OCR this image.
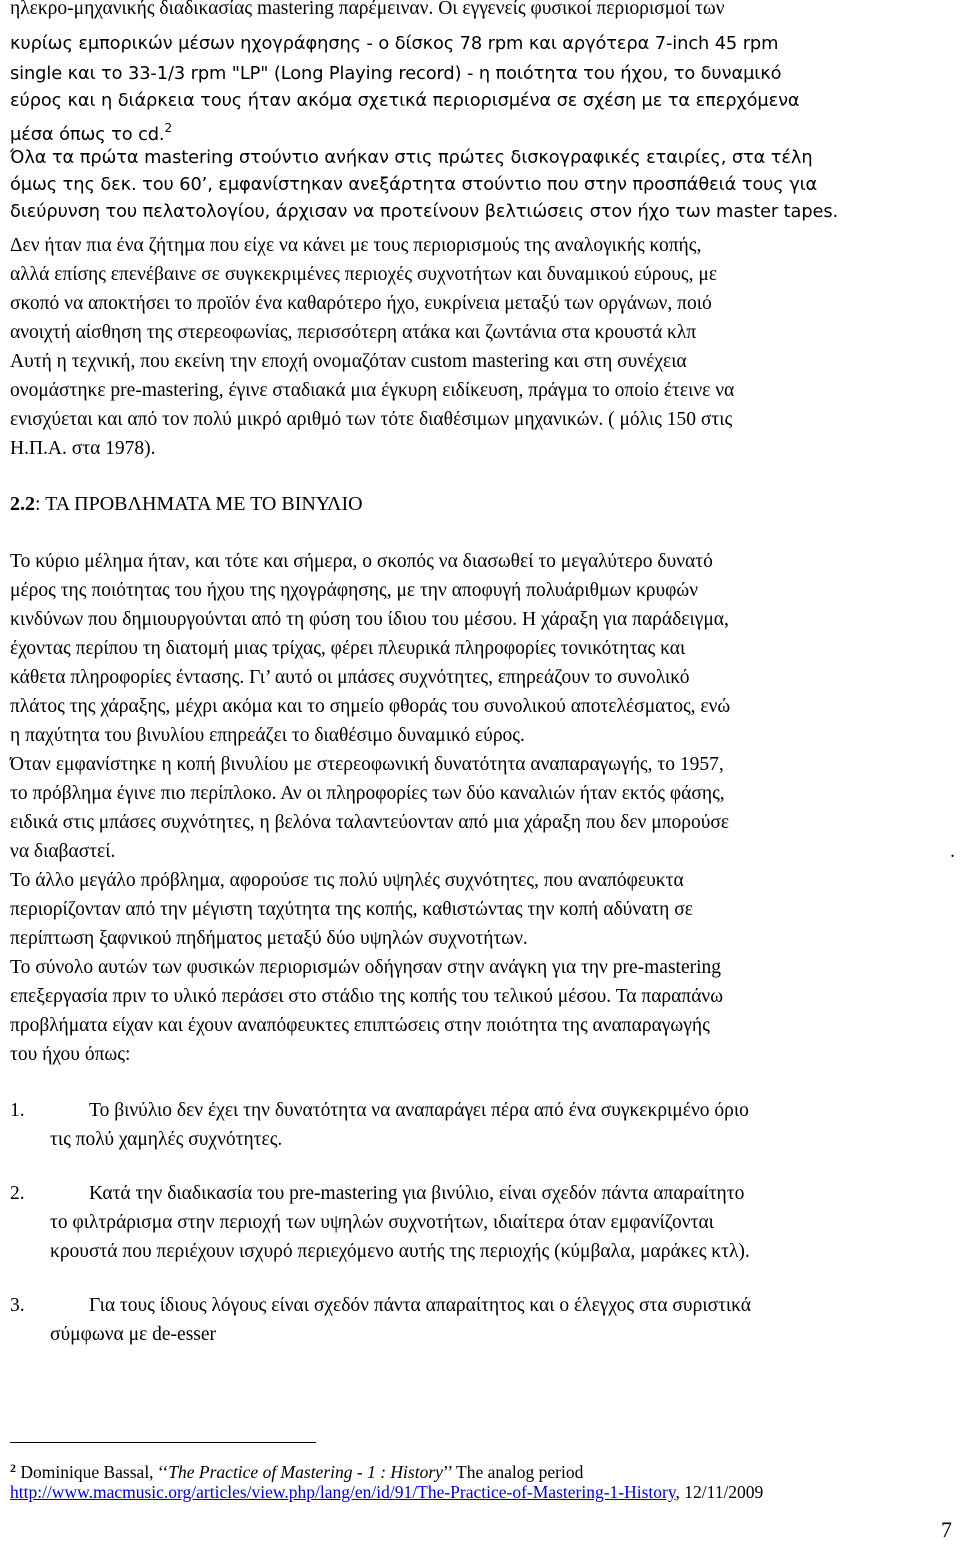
ηλεκρο-μηχανικής διαδικασίας mastering παρέμειναν. Οι εγγενείς φυσικοί περιορισμοί των
κυρίως εμπορικών μέσων ηχογράφησης - ο δίσκος 78 rpm και αργότερα 7-inch 45 rpm
single και το 33-1/3 rpm "LP" (Long Playing record) - η ποιότητα του ήχου, το δυναμικό
εύρος και η διάρκεια τους ήταν ακόμα σχετικά περιορισμένα σε σχέση με τα επερχόμενα
μέσα όπως το cd.$^2$
Όλα τα πρώτα mastering στούντιο ανήκαν στις πρώτες δισκογραφικές εταιρίες, στα τέλη
όμως της δεκ. του 60’, εμφανίστηκαν ανεξάρτητα στούντιο που στην προσπάθειά τους για
διεύρυνση του πελατολογίου, άρχισαν να προτείνουν βελτιώσεις στον ήχο των master tapes.
Δεν ήταν πια ένα ζήτημα που είχε να κάνει με τους περιορισμούς της αναλογικής κοπής,
αλλά επίσης επενέβαινε σε συγκεκριμένες περιοχές συχνοτήτων και δυναμικού εύρους, με
σκοπό να αποκτήσει το προϊόν ένα καθαρότερο ήχο, ευκρίνεια μεταξύ των οργάνων, ποιό
ανοιχτή αίσθηση της στερεοφωνίας, περισσότερη ατάκα και ζωντάνια στα κρουστά κλπ
Αυτή η τεχνική, που εκείνη την εποχή ονομαζόταν custom mastering και στη συνέχεια
ονομάστηκε pre-mastering, έγινε σταδιακά μια έγκυρη ειδίκευση, πράγμα το οποίο έτεινε να
ενισχύεται και από τον πολύ μικρό αριθμό των τότε διαθέσιμων μηχανικών. ( μόλις 150 στις
Η.Π.Α. στα 1978).
2.2: ΤΑ ΠΡΟΒΛΗΜΑΤΑ ΜΕ ΤΟ ΒΙΝΥΛΙΟ
Το κύριο μέλημα ήταν, και τότε και σήμερα, ο σκοπός να διασωθεί το μεγαλύτερο δυνατό
μέρος της ποιότητας του ήχου της ηχογράφησης, με την αποφυγή πολυάριθμων κρυφών
κινδύνων που δημιουργούνται από τη φύση του ίδιου του μέσου. Η χάραξη για παράδειγμα,
έχοντας περίπου τη διατομή μιας τρίχας, φέρει πλευρικά πληροφορίες τονικότητας και
κάθετα πληροφορίες έντασης. Γι’ αυτό οι μπάσες συχνότητες, επηρεάζουν το συνολικό
πλάτος της χάραξης, μέχρι ακόμα και το σημείο φθοράς του συνολικού αποτελέσματος, ενώ
η παχύτητα του βινυλίου επηρεάζει το διαθέσιμο δυναμικό εύρος.
Όταν εμφανίστηκε η κοπή βινυλίου με στερεοφωνική δυνατότητα αναπαραγωγής, το 1957,
το πρόβλημα έγινε πιο περίπλοκο. Αν οι πληροφορίες των δύο καναλιών ήταν εκτός φάσης,
ειδικά στις μπάσες συχνότητες, η βελόνα ταλαντεύονταν από μια χάραξη που δεν μπορούσε
να διαβαστεί.	.
Το άλλο μεγάλο πρόβλημα, αφορούσε τις πολύ υψηλές συχνότητες, που αναπόφευκτα
περιορίζονταν από την μέγιστη ταχύτητα της κοπής, καθιστώντας την κοπή αδύνατη σε
περίπτωση ξαφνικού πηδήματος μεταξύ δύο υψηλών συχνοτήτων.
Το σύνολο αυτών των φυσικών περιορισμών οδήγησαν στην ανάγκη για την pre-mastering
επεξεργασία πριν το υλικό περάσει στο στάδιο της κοπής του τελικού μέσου. Τα παραπάνω
προβλήματα είχαν και έχουν αναπόφευκτες επιπτώσεις στην ποιότητα της αναπαραγωγής
του ήχου όπως:
1.	Το βινύλιο δεν έχει την δυνατότητα να αναπαράγει πέρα από ένα συγκεκριμένο όριο
τις πολύ χαμηλές συχνότητες.
2.	Κατά την διαδικασία του pre-mastering για βινύλιο, είναι σχεδόν πάντα απαραίτητο
το φιλτράρισμα στην περιοχή των υψηλών συχνοτήτων, ιδιαίτερα όταν εμφανίζονται
κρουστά που περιέχουν ισχυρό περιεχόμενο αυτής της περιοχής (κύμβαλα, μαράκες κτλ).
3.	Για τους ίδιους λόγους είναι σχεδόν πάντα απαραίτητος και ο έλεγχος στα συριστικά
σύμφωνα με de-esser
$^2$ Dominique Bassal, ‘‘The Practice of Mastering - 1 : History’’ The analog period
http://www.macmusic.org/articles/view.php/lang/en/id/91/The-Practice-of-Mastering-1-History, 12/11/2009
7
